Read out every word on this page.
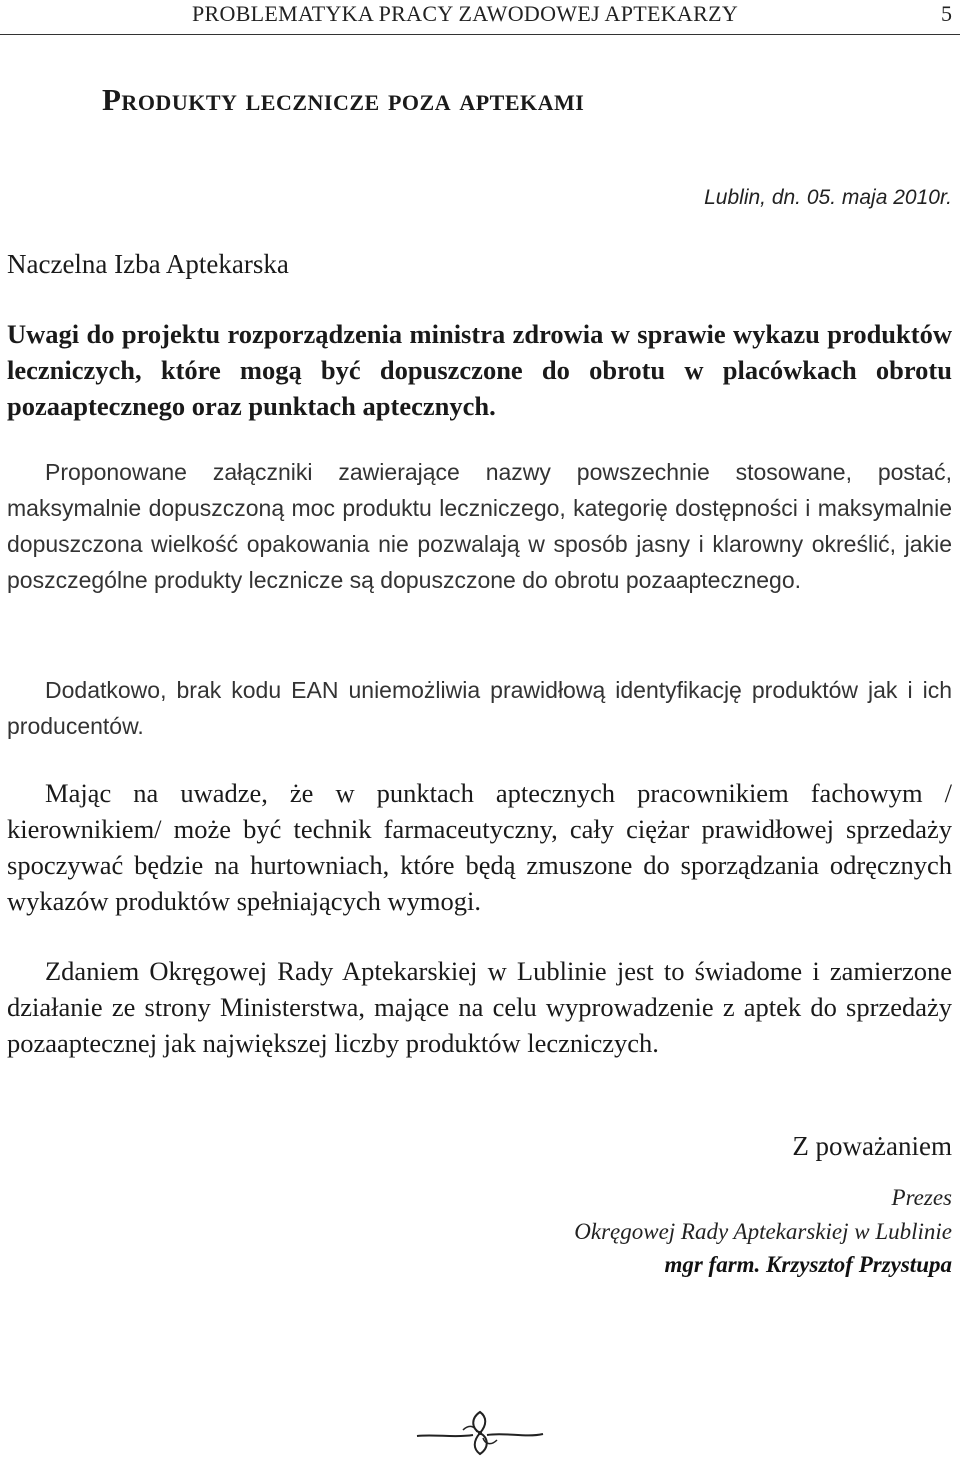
PROBLEMATYKA PRACY ZAWODOWEJ APTEKARZY	5
Produkty lecznicze poza aptekami
Lublin, dn. 05. maja 2010r.
Naczelna Izba Aptekarska
Uwagi do projektu rozporządzenia ministra zdrowia w sprawie wykazu produktów leczniczych, które mogą być dopuszczone do obrotu w placówkach obrotu pozaaptecznego oraz punktach aptecznych.

Proponowane załączniki zawierające nazwy powszechnie stosowane, postać, maksymalnie dopuszczoną moc produktu leczniczego, kategorię dostępności i maksymalnie dopuszczona wielkość opakowania nie pozwalają w sposób jasny i klarowny określić, jakie poszczególne produkty lecznicze są dopuszczone do obrotu pozaaptecznego.

Dodatkowo, brak kodu EAN uniemożliwia prawidłową identyfikację produktów jak i ich producentów.

Mając na uwadze, że w punktach aptecznych pracownikiem fachowym / kierownikiem/ może być technik farmaceutyczny, cały ciężar prawidłowej sprzedaży spoczywać będzie na hurtowniach, które będą zmuszone do sporządzania odręcznych wykazów produktów spełniających wymogi.

Zdaniem Okręgowej Rady Aptekarskiej w Lublinie jest to świadome i zamierzone działanie ze strony Ministerstwa, mające na celu wyprowadzenie z aptek do sprzedaży pozaaptecznej jak największej liczby produktów leczniczych.

Z poważaniem
Prezes
Okręgowej Rady Aptekarskiej w Lublinie
mgr farm. Krzysztof Przystupa
